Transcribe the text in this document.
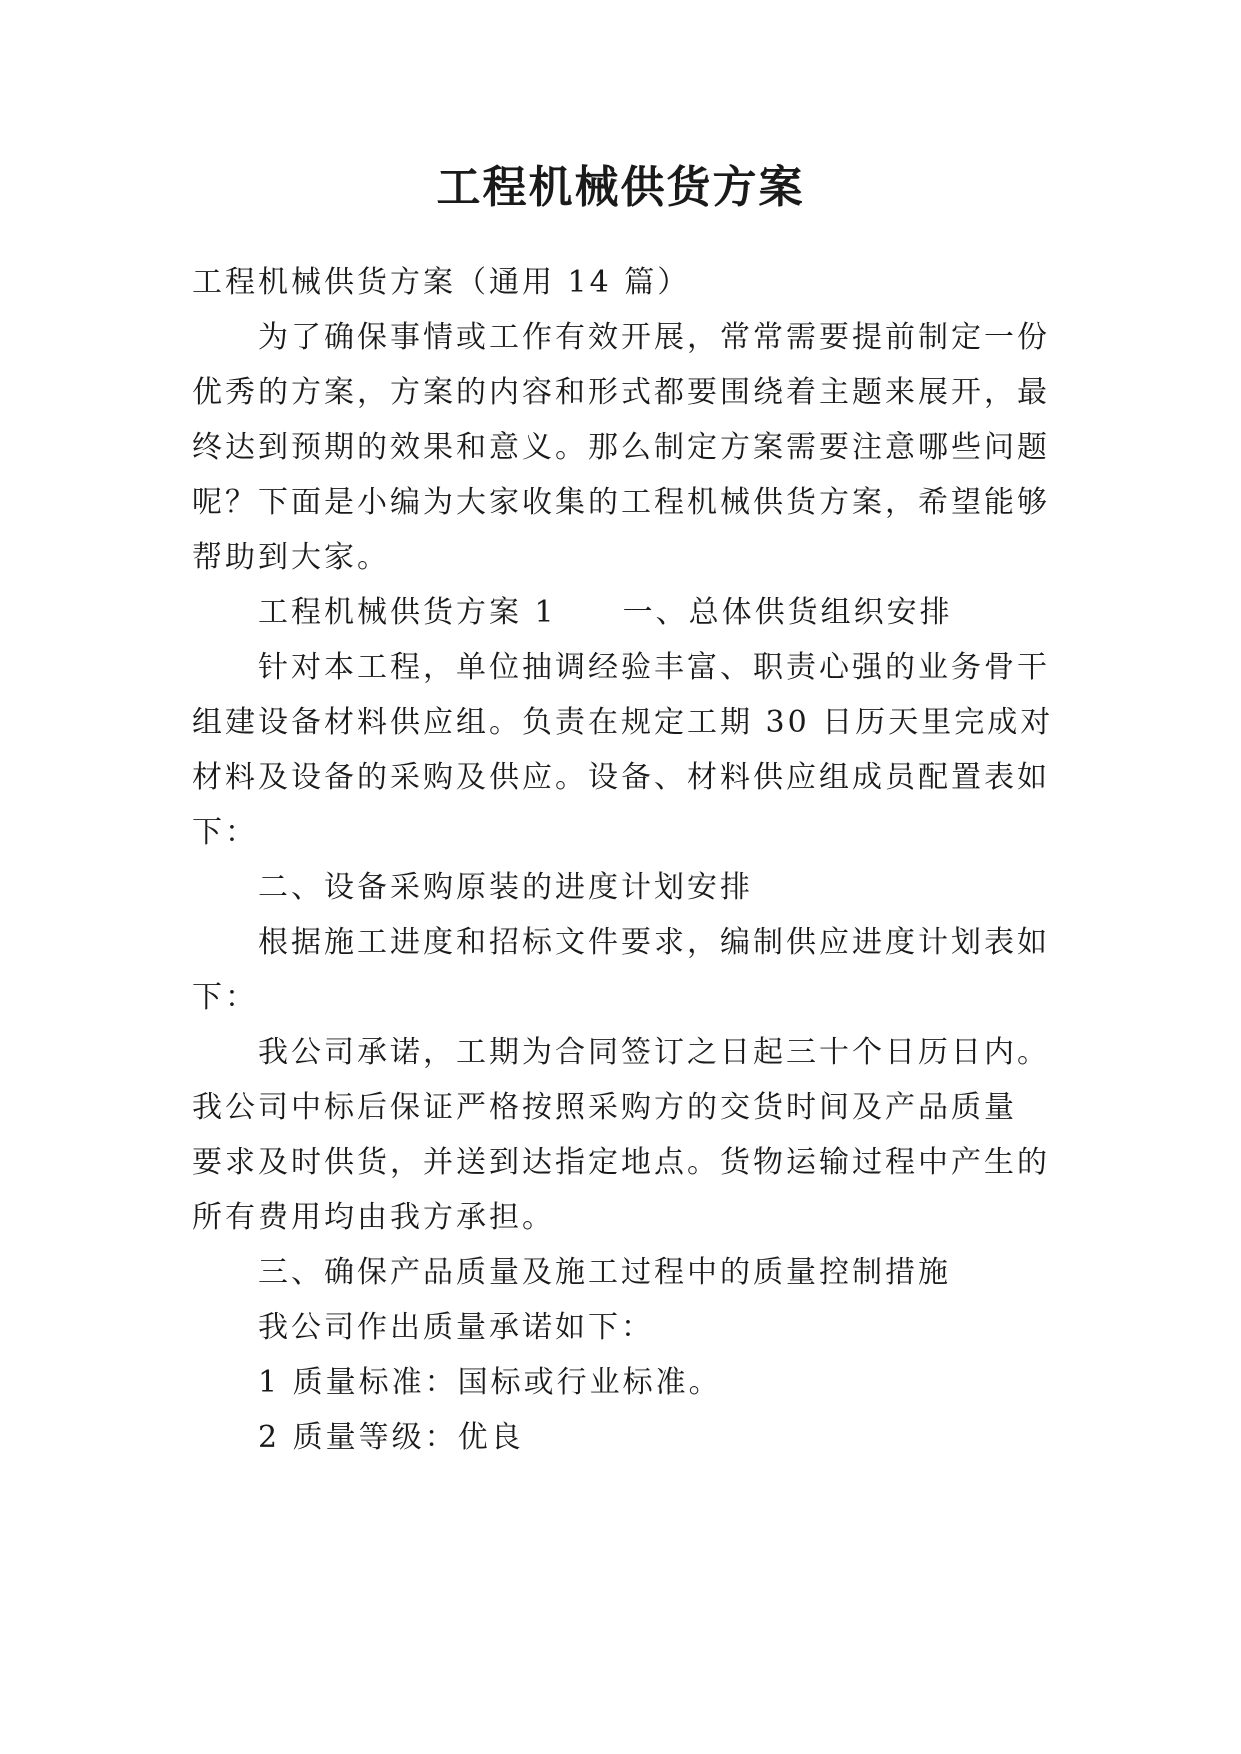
工程机械供货方案
工程机械供货方案（通用 14 篇）
为了确保事情或工作有效开展，常常需要提前制定一份
优秀的方案，方案的内容和形式都要围绕着主题来展开，最
终达到预期的效果和意义。那么制定方案需要注意哪些问题
呢？下面是小编为大家收集的工程机械供货方案，希望能够
帮助到大家。
工程机械供货方案 1　　一、总体供货组织安排
针对本工程，单位抽调经验丰富、职责心强的业务骨干
组建设备材料供应组。负责在规定工期 30 日历天里完成对
材料及设备的采购及供应。设备、材料供应组成员配置表如
下：
二、设备采购原装的进度计划安排
根据施工进度和招标文件要求，编制供应进度计划表如
下：
我公司承诺，工期为合同签订之日起三十个日历日内。
我公司中标后保证严格按照采购方的交货时间及产品质量
要求及时供货，并送到达指定地点。货物运输过程中产生的
所有费用均由我方承担。
三、确保产品质量及施工过程中的质量控制措施
我公司作出质量承诺如下：
1 质量标准：国标或行业标准。
2 质量等级：优良
